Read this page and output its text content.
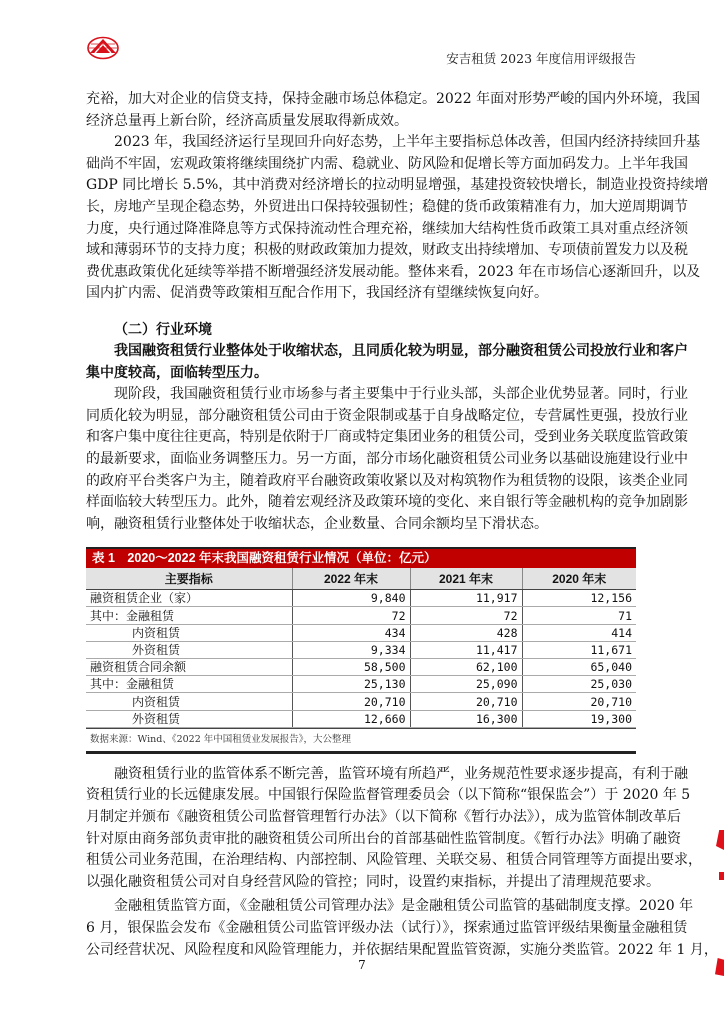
安吉租赁 2023 年度信用评级报告
充裕，加大对企业的信贷支持，保持金融市场总体稳定。2022 年面对形势严峻的国内外环境，我国
经济总量再上新台阶，经济高质量发展取得新成效。
2023 年，我国经济运行呈现回升向好态势，上半年主要指标总体改善，但国内经济持续回升基
础尚不牢固，宏观政策将继续围绕扩内需、稳就业、防风险和促增长等方面加码发力。上半年我国
GDP 同比增长 5.5%，其中消费对经济增长的拉动明显增强，基建投资较快增长，制造业投资持续增
长，房地产呈现企稳态势，外贸进出口保持较强韧性；稳健的货币政策精准有力，加大逆周期调节
力度，央行通过降准降息等方式保持流动性合理充裕，继续加大结构性货币政策工具对重点经济领
域和薄弱环节的支持力度；积极的财政政策加力提效，财政支出持续增加、专项债前置发力以及税
费优惠政策优化延续等举措不断增强经济发展动能。整体来看，2023 年在市场信心逐渐回升，以及
国内扩内需、促消费等政策相互配合作用下，我国经济有望继续恢复向好。
（二）行业环境
我国融资租赁行业整体处于收缩状态，且同质化较为明显，部分融资租赁公司投放行业和客户
集中度较高，面临转型压力。
现阶段，我国融资租赁行业市场参与者主要集中于行业头部，头部企业优势显著。同时，行业
同质化较为明显，部分融资租赁公司由于资金限制或基于自身战略定位，专营属性更强，投放行业
和客户集中度往往更高，特别是依附于厂商或特定集团业务的租赁公司，受到业务关联度监管政策
的最新要求，面临业务调整压力。另一方面，部分市场化融资租赁公司业务以基础设施建设行业中
的政府平台类客户为主，随着政府平台融资政策收紧以及对构筑物作为租赁物的设限，该类企业同
样面临较大转型压力。此外，随着宏观经济及政策环境的变化、来自银行等金融机构的竞争加剧影
响，融资租赁行业整体处于收缩状态，企业数量、合同余额均呈下滑状态。
表 1　2020～2022 年末我国融资租赁行业情况（单位：亿元）
主要指标	2022 年末	2021 年末	2020 年末
融资租赁企业（家）	9,840	11,917	12,156
其中：金融租赁	72	72	71
内资租赁	434	428	414
外资租赁	9,334	11,417	11,671
融资租赁合同余额	58,500	62,100	65,040
其中：金融租赁	25,130	25,090	25,030
内资租赁	20,710	20,710	20,710
外资租赁	12,660	16,300	19,300
数据来源：Wind、《2022 年中国租赁业发展报告》，大公整理
融资租赁行业的监管体系不断完善，监管环境有所趋严，业务规范性要求逐步提高，有利于融
资租赁行业的长远健康发展。中国银行保险监督管理委员会（以下简称“银保监会”）于 2020 年 5
月制定并颁布《融资租赁公司监督管理暂行办法》（以下简称《暂行办法》），成为监管体制改革后
针对原由商务部负责审批的融资租赁公司所出台的首部基础性监管制度。《暂行办法》明确了融资
租赁公司业务范围，在治理结构、内部控制、风险管理、关联交易、租赁合同管理等方面提出要求，
以强化融资租赁公司对自身经营风险的管控；同时，设置约束指标，并提出了清理规范要求。
金融租赁监管方面，《金融租赁公司管理办法》是金融租赁公司监管的基础制度支撑。2020 年
6 月，银保监会发布《金融租赁公司监管评级办法（试行）》，探索通过监管评级结果衡量金融租赁
公司经营状况、风险程度和风险管理能力，并依据结果配置监管资源，实施分类监管。2022 年 1 月，
7
